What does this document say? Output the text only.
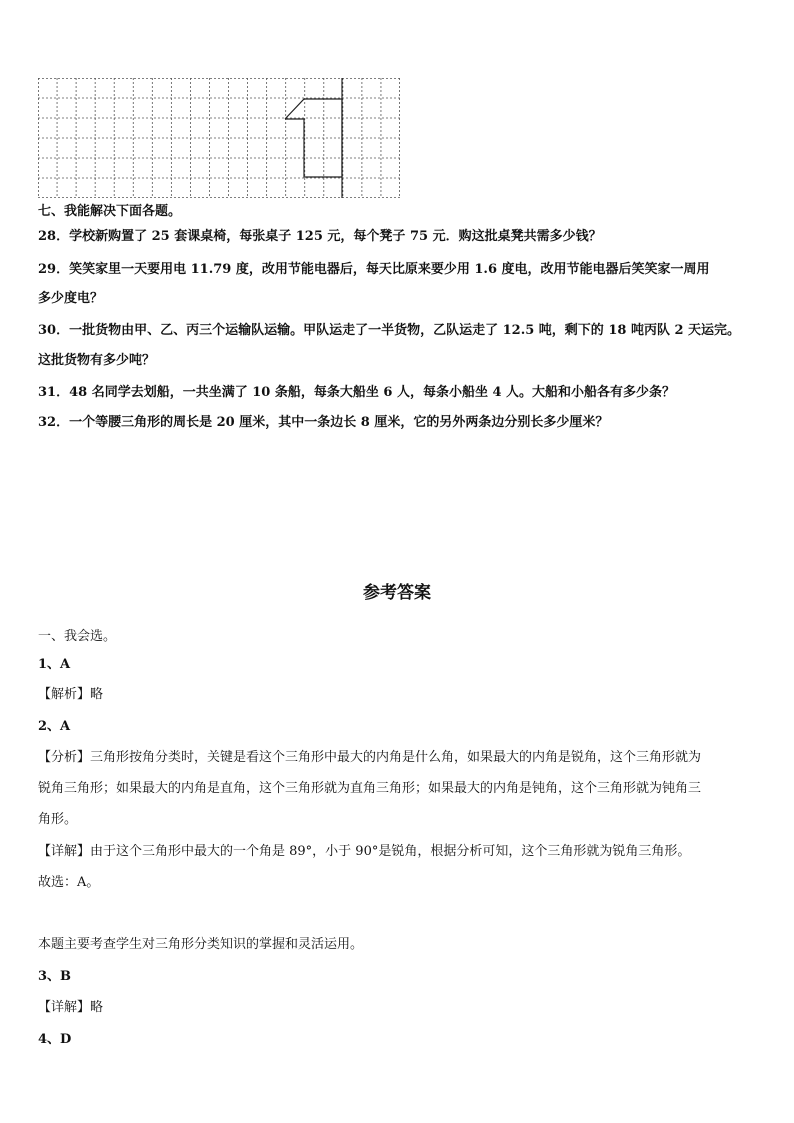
七、我能解决下面各题。
28．学校新购置了 25 套课桌椅，每张桌子 125 元，每个凳子 75 元．购这批桌凳共需多少钱？
29．笑笑家里一天要用电 11.79 度，改用节能电器后，每天比原来要少用 1.6 度电，改用节能电器后笑笑家一周用
多少度电？
30．一批货物由甲、乙、丙三个运输队运输。甲队运走了一半货物，乙队运走了 12.5 吨，剩下的 18 吨丙队 2 天运完。
这批货物有多少吨？
31．48 名同学去划船，一共坐满了 10 条船，每条大船坐 6 人，每条小船坐 4 人。大船和小船各有多少条？
32．一个等腰三角形的周长是 20 厘米，其中一条边长 8 厘米，它的另外两条边分别长多少厘米？
参考答案
一、我会选。
1、A
【解析】略
2、A
【分析】三角形按角分类时，关键是看这个三角形中最大的内角是什么角，如果最大的内角是锐角，这个三角形就为
锐角三角形；如果最大的内角是直角，这个三角形就为直角三角形；如果最大的内角是钝角，这个三角形就为钝角三
角形。
【详解】由于这个三角形中最大的一个角是 89°，小于 90°是锐角，根据分析可知，这个三角形就为锐角三角形。
故选：A。
本题主要考查学生对三角形分类知识的掌握和灵活运用。
3、B
【详解】略
4、D
